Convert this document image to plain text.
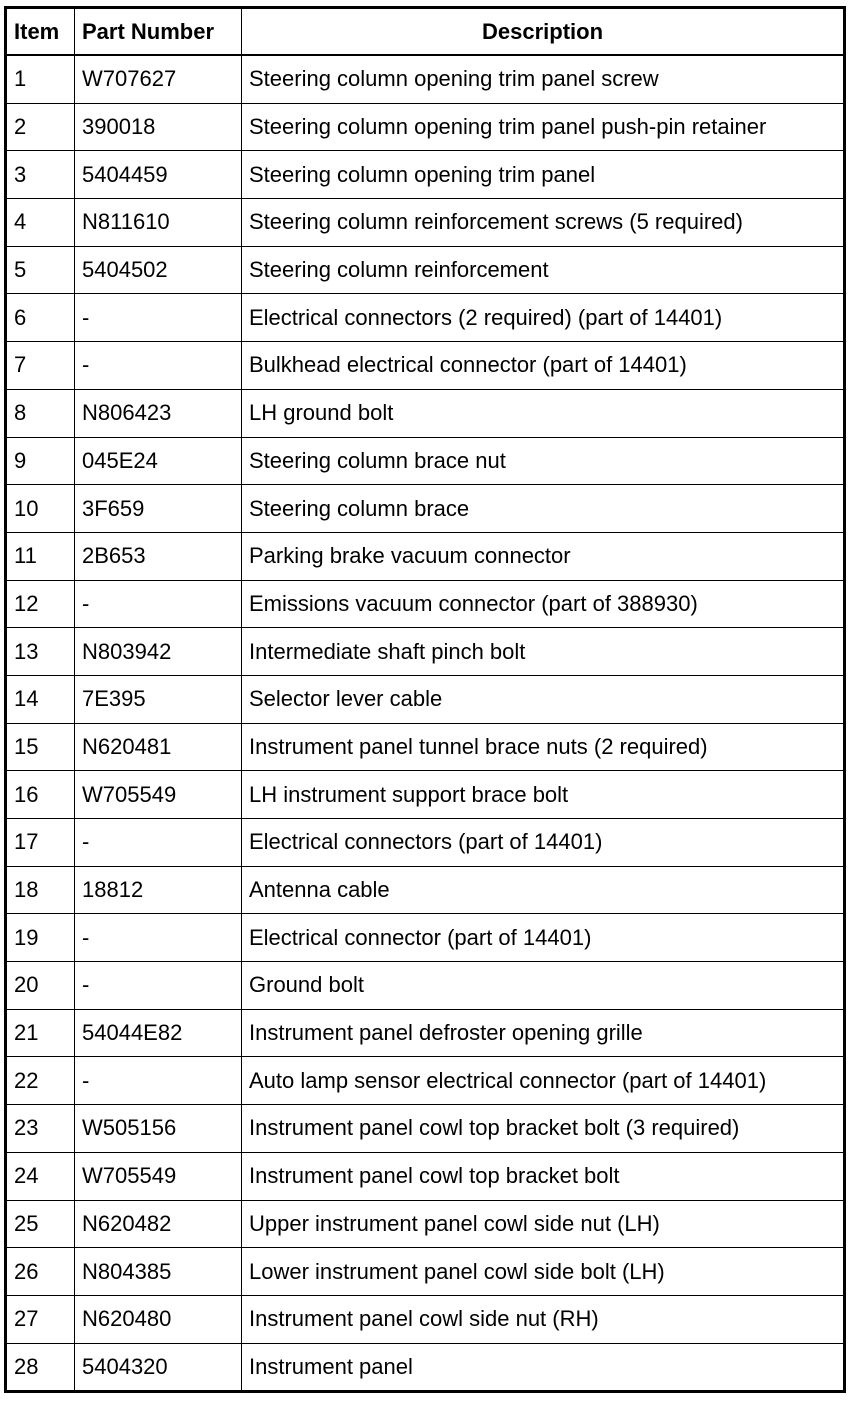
Item	Part Number	Description
1	W707627	Steering column opening trim panel screw
2	390018	Steering column opening trim panel push-pin retainer
3	5404459	Steering column opening trim panel
4	N811610	Steering column reinforcement screws (5 required)
5	5404502	Steering column reinforcement
6	-	Electrical connectors (2 required) (part of 14401)
7	-	Bulkhead electrical connector (part of 14401)
8	N806423	LH ground bolt
9	045E24	Steering column brace nut
10	3F659	Steering column brace
11	2B653	Parking brake vacuum connector
12	-	Emissions vacuum connector (part of 388930)
13	N803942	Intermediate shaft pinch bolt
14	7E395	Selector lever cable
15	N620481	Instrument panel tunnel brace nuts (2 required)
16	W705549	LH instrument support brace bolt
17	-	Electrical connectors (part of 14401)
18	18812	Antenna cable
19	-	Electrical connector (part of 14401)
20	-	Ground bolt
21	54044E82	Instrument panel defroster opening grille
22	-	Auto lamp sensor electrical connector (part of 14401)
23	W505156	Instrument panel cowl top bracket bolt (3 required)
24	W705549	Instrument panel cowl top bracket bolt
25	N620482	Upper instrument panel cowl side nut (LH)
26	N804385	Lower instrument panel cowl side bolt (LH)
27	N620480	Instrument panel cowl side nut (RH)
28	5404320	Instrument panel
